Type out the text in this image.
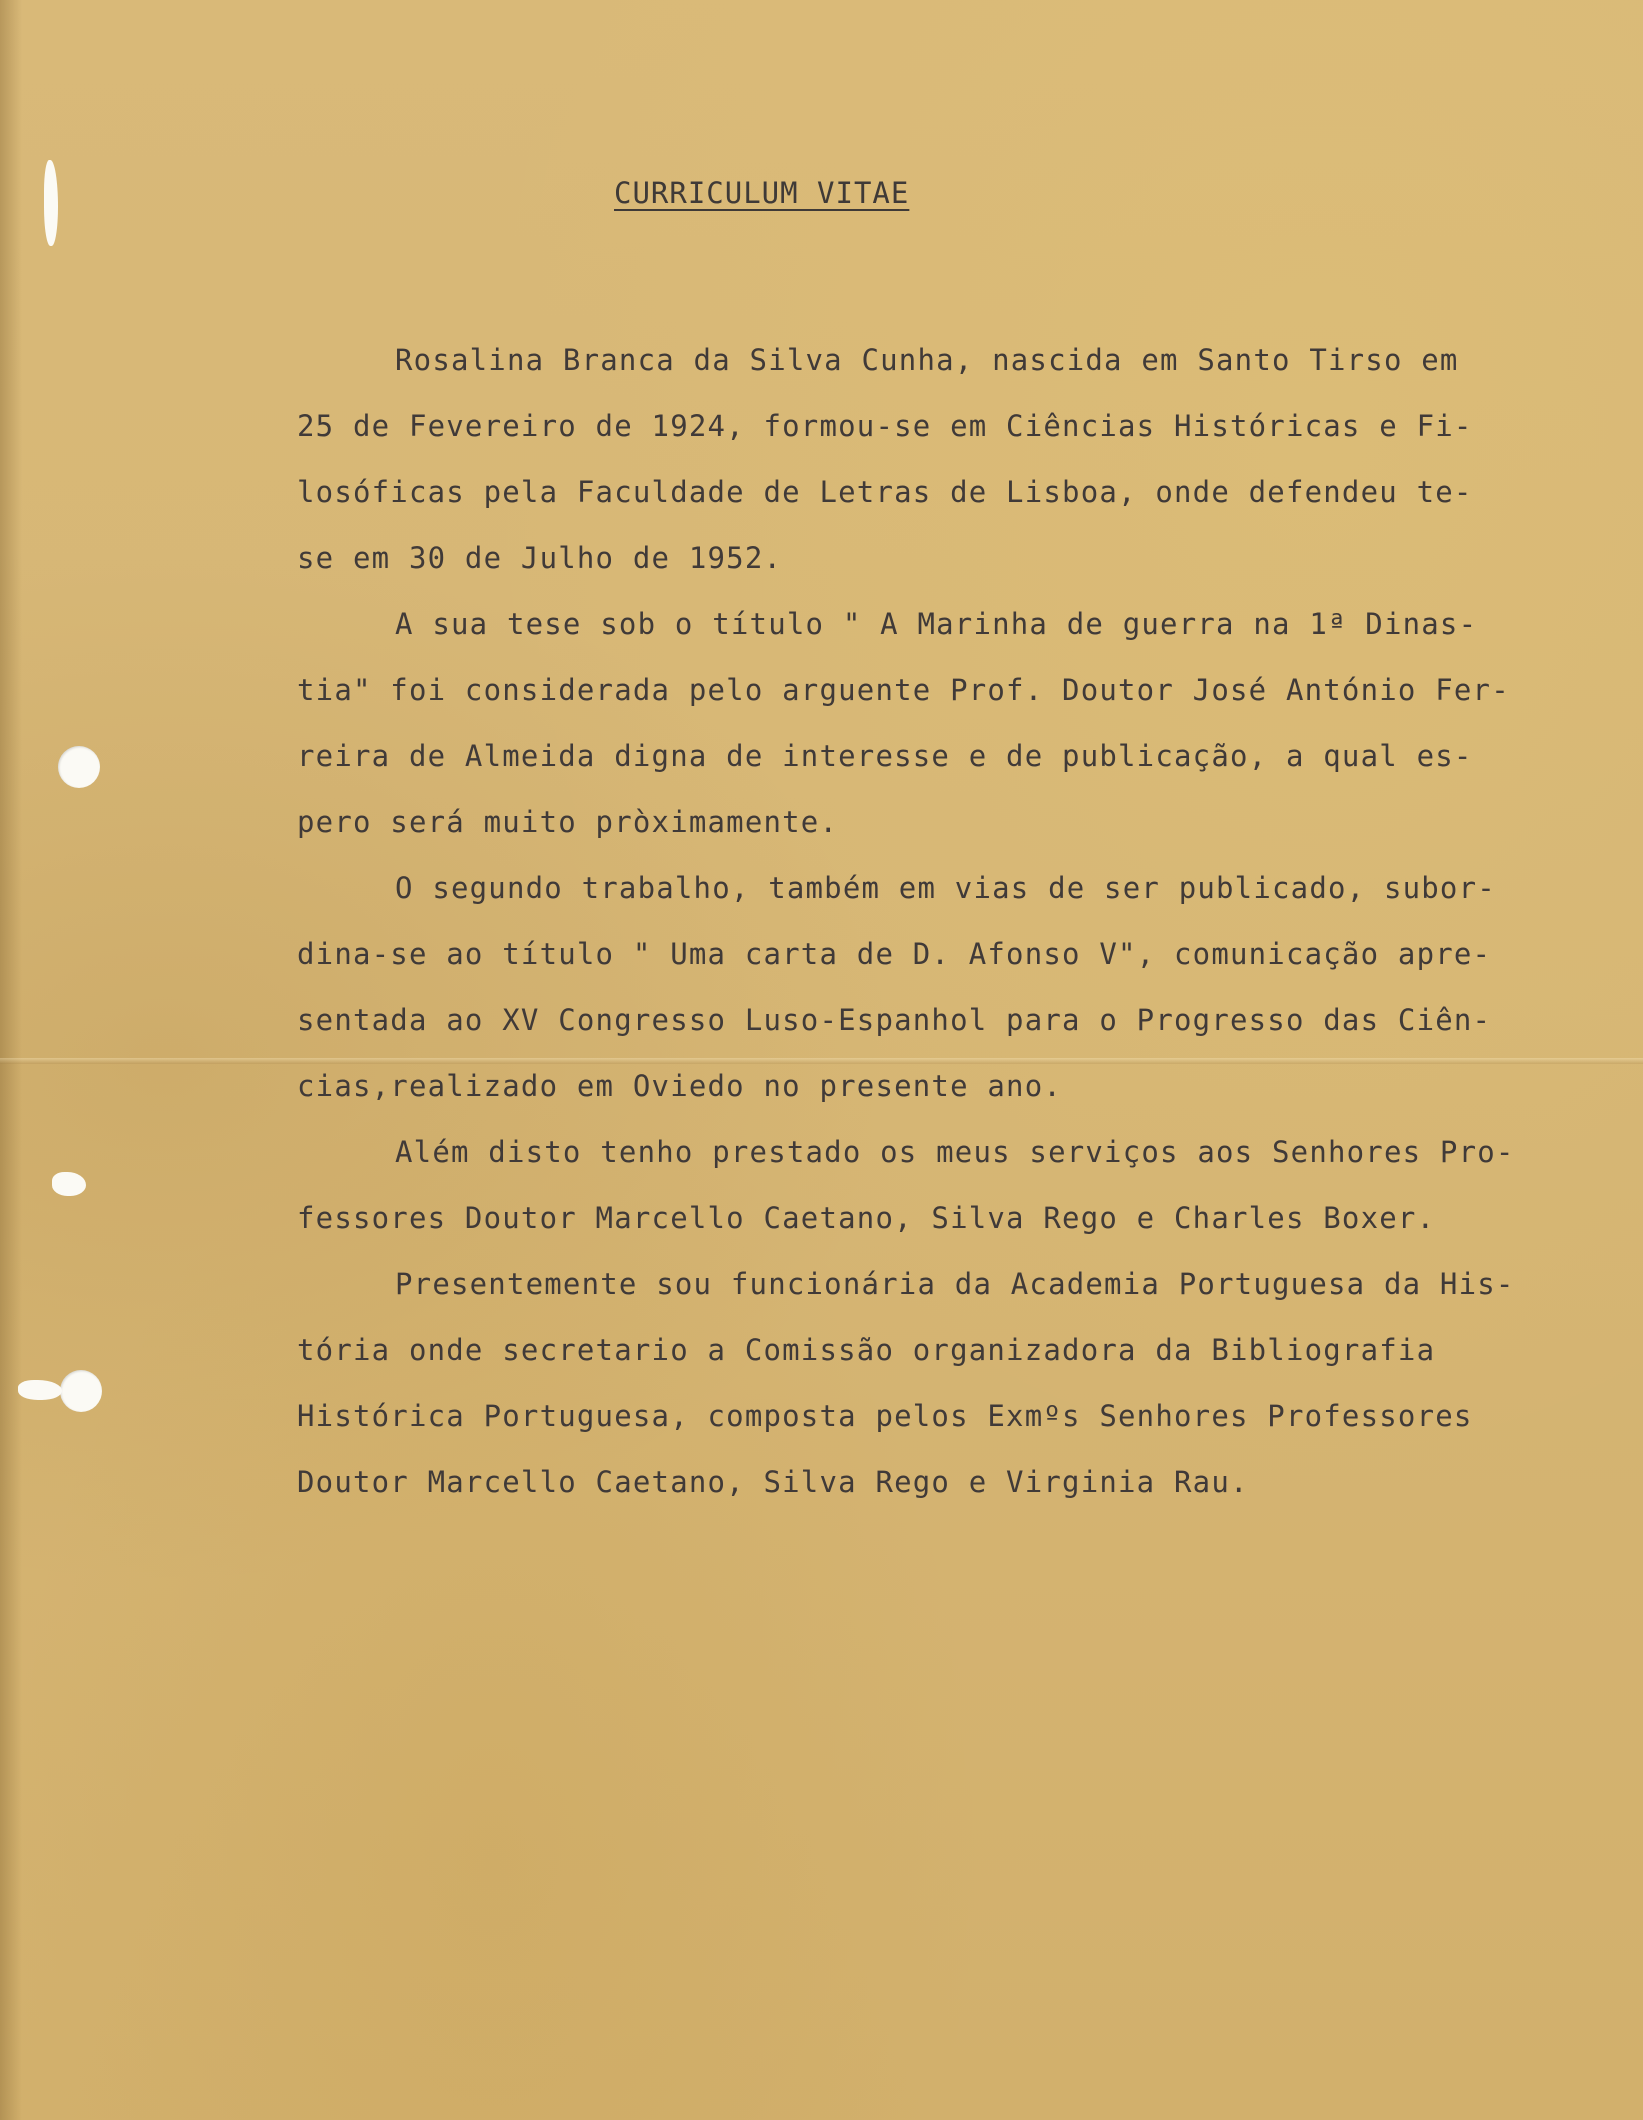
CURRICULUM VITAE
Rosalina Branca da Silva Cunha, nascida em Santo Tirso em
25 de Fevereiro de 1924, formou-se em Ciências Históricas e Fi-
losóficas pela Faculdade de Letras de Lisboa, onde defendeu te-
se em 30 de Julho de 1952.
A sua tese sob o título " A Marinha de guerra na 1ª Dinas-
tia" foi considerada pelo arguente Prof. Doutor José António Fer-
reira de Almeida digna de interesse e de publicação, a qual es-
pero será muito pròximamente.
O segundo trabalho, também em vias de ser publicado, subor-
dina-se ao título " Uma carta de D. Afonso V", comunicação apre-
sentada ao XV Congresso Luso-Espanhol para o Progresso das Ciên-
cias,realizado em Oviedo no presente ano.
Além disto tenho prestado os meus serviços aos Senhores Pro-
fessores Doutor Marcello Caetano, Silva Rego e Charles Boxer.
Presentemente sou funcionária da Academia Portuguesa da His-
tória onde secretario a Comissão organizadora da Bibliografia
Histórica Portuguesa, composta pelos Exmºs Senhores Professores
Doutor Marcello Caetano, Silva Rego e Virginia Rau.
